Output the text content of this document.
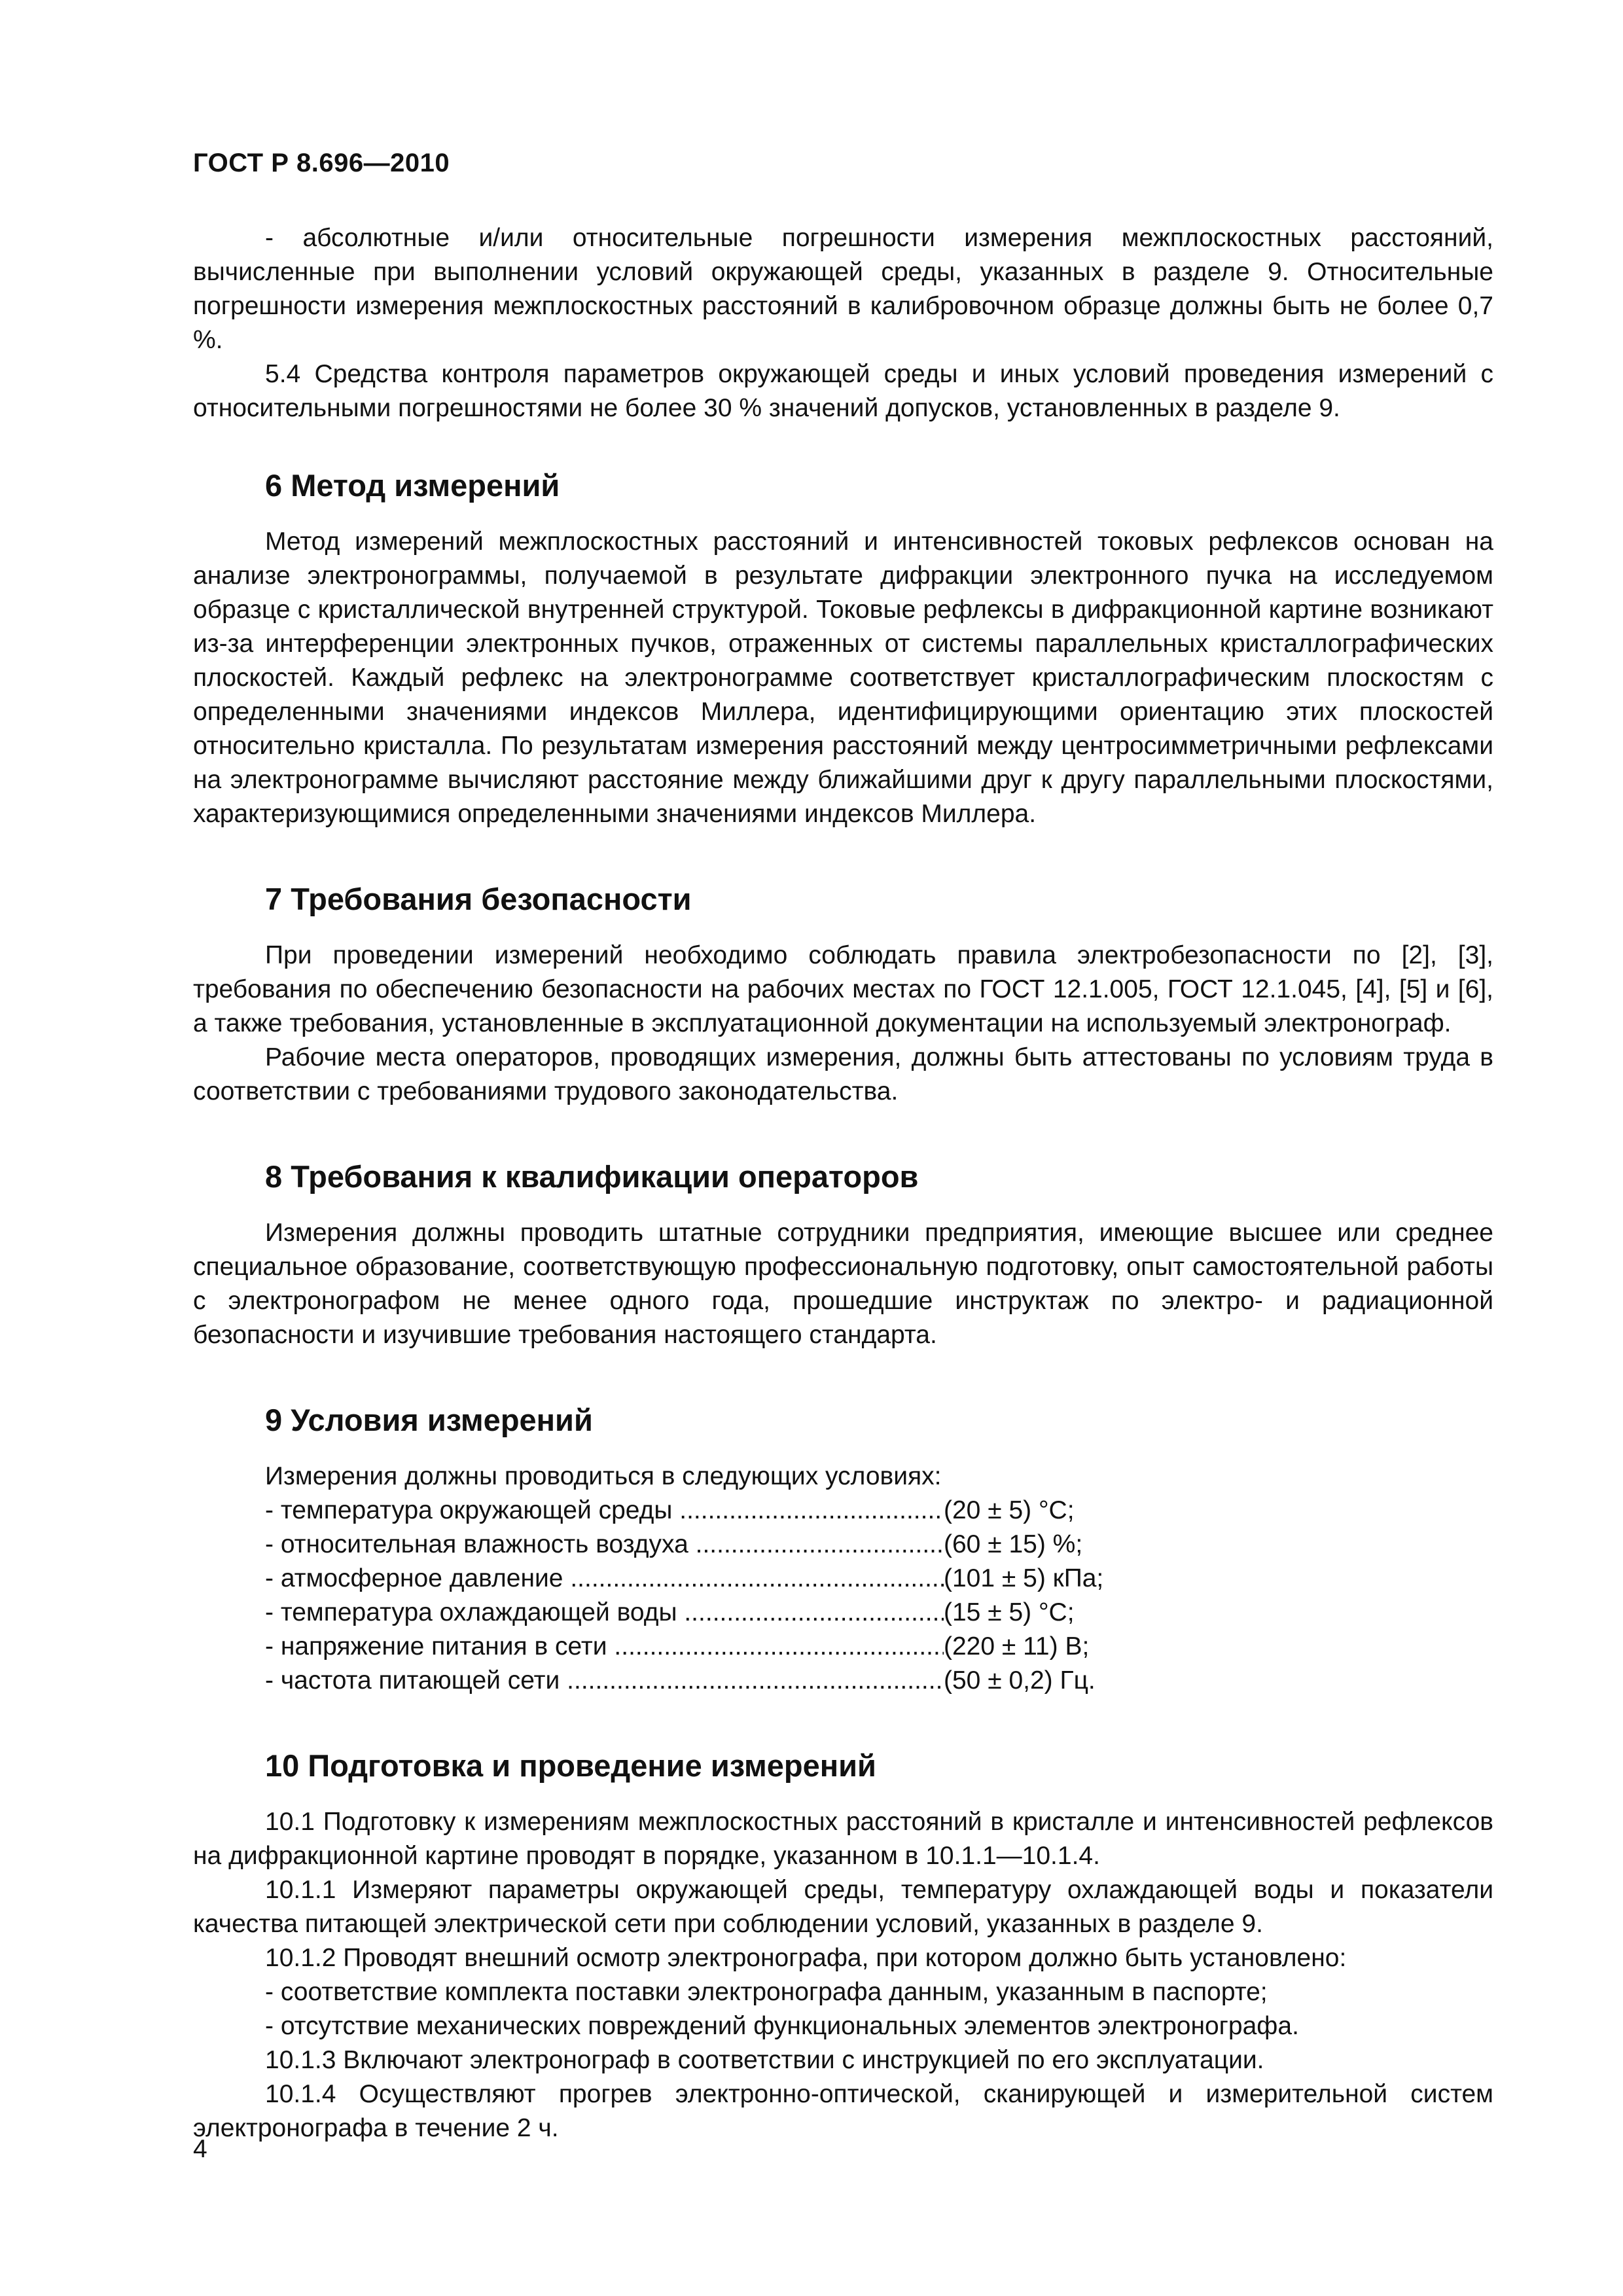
ГОСТ Р 8.696—2010

- абсолютные и/или относительные погрешности измерения межплоскостных расстояний, вычисленные при выполнении условий окружающей среды, указанных в разделе 9. Относительные погрешности измерения межплоскостных расстояний в калибровочном образце должны быть не более 0,7 %.

5.4 Средства контроля параметров окружающей среды и иных условий проведения измерений с относительными погрешностями не более 30 % значений допусков, установленных в разделе 9.

6 Метод измерений

Метод измерений межплоскостных расстояний и интенсивностей токовых рефлексов основан на анализе электронограммы, получаемой в результате дифракции электронного пучка на исследуемом образце с кристаллической внутренней структурой. Токовые рефлексы в дифракционной картине возникают из-за интерференции электронных пучков, отраженных от системы параллельных кристаллографических плоскостей. Каждый рефлекс на электронограмме соответствует кристаллографическим плоскостям с определенными значениями индексов Миллера, идентифицирующими ориентацию этих плоскостей относительно кристалла. По результатам измерения расстояний между центросимметричными рефлексами на электронограмме вычисляют расстояние между ближайшими друг к другу параллельными плоскостями, характеризующимися определенными значениями индексов Миллера.

7 Требования безопасности

При проведении измерений необходимо соблюдать правила электробезопасности по [2], [3], требования по обеспечению безопасности на рабочих местах по ГОСТ 12.1.005, ГОСТ 12.1.045, [4], [5] и [6], а также требования, установленные в эксплуатационной документации на используемый электронограф.

Рабочие места операторов, проводящих измерения, должны быть аттестованы по условиям труда в соответствии с требованиями трудового законодательства.

8 Требования к квалификации операторов

Измерения должны проводить штатные сотрудники предприятия, имеющие высшее или среднее специальное образование, соответствующую профессиональную подготовку, опыт самостоятельной работы с электронографом не менее одного года, прошедшие инструктаж по электро- и радиационной безопасности и изучившие требования настоящего стандарта.

9 Условия измерений
Измерения должны проводиться в следующих условиях:
- температура окружающей среды .....	(20 ± 5) °C;
- относительная влажность воздуха .....	(60 ± 15) %;
- атмосферное давление .....	(101 ± 5) кПа;
- температура охлаждающей воды .....	(15 ± 5) °C;
- напряжение питания в сети .....	(220 ± 11) В;
- частота питающей сети .....	(50 ± 0,2) Гц.
10 Подготовка и проведение измерений

10.1 Подготовку к измерениям межплоскостных расстояний в кристалле и интенсивностей рефлексов на дифракционной картине проводят в порядке, указанном в 10.1.1—10.1.4.

10.1.1 Измеряют параметры окружающей среды, температуру охлаждающей воды и показатели качества питающей электрической сети при соблюдении условий, указанных в разделе 9.

10.1.2 Проводят внешний осмотр электронографа, при котором должно быть установлено:

- соответствие комплекта поставки электронографа данным, указанным в паспорте;
- отсутствие механических повреждений функциональных элементов электронографа.

10.1.3 Включают электронограф в соответствии с инструкцией по его эксплуатации.

10.1.4 Осуществляют прогрев электронно-оптической, сканирующей и измерительной систем электронографа в течение 2 ч.

4
